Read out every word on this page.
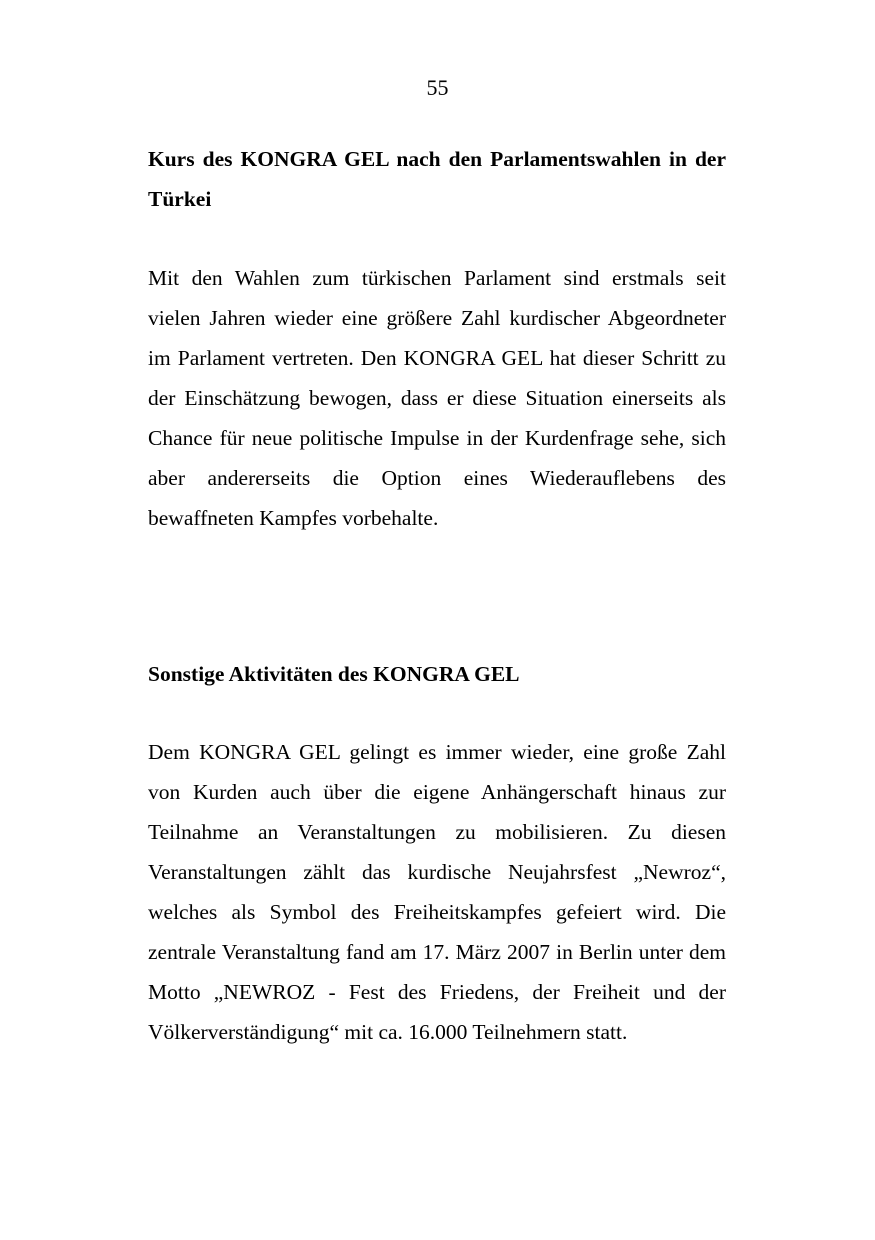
55
Kurs des KONGRA GEL nach den Parlamentswahlen in der Türkei

Mit den Wahlen zum türkischen Parlament sind erstmals seit vielen Jahren wieder eine größere Zahl kurdischer Abgeordneter im Parlament vertreten. Den KONGRA GEL hat dieser Schritt zu der Einschätzung bewogen, dass er diese Situation einerseits als Chance für neue politische Impulse in der Kurdenfrage sehe, sich aber andererseits die Option eines Wiederauflebens des bewaffneten Kampfes vorbehalte.

Sonstige Aktivitäten des KONGRA GEL

Dem KONGRA GEL gelingt es immer wieder, eine große Zahl von Kurden auch über die eigene Anhängerschaft hinaus zur Teilnahme an Veranstaltungen zu mobilisieren. Zu diesen Veranstaltungen zählt das kurdische Neujahrsfest „Newroz“, welches als Symbol des Freiheitskampfes gefeiert wird. Die zentrale Veranstaltung fand am 17. März 2007 in Berlin unter dem Motto „NEWROZ - Fest des Friedens, der Freiheit und der Völkerverständigung“ mit ca. 16.000 Teilnehmern statt.
